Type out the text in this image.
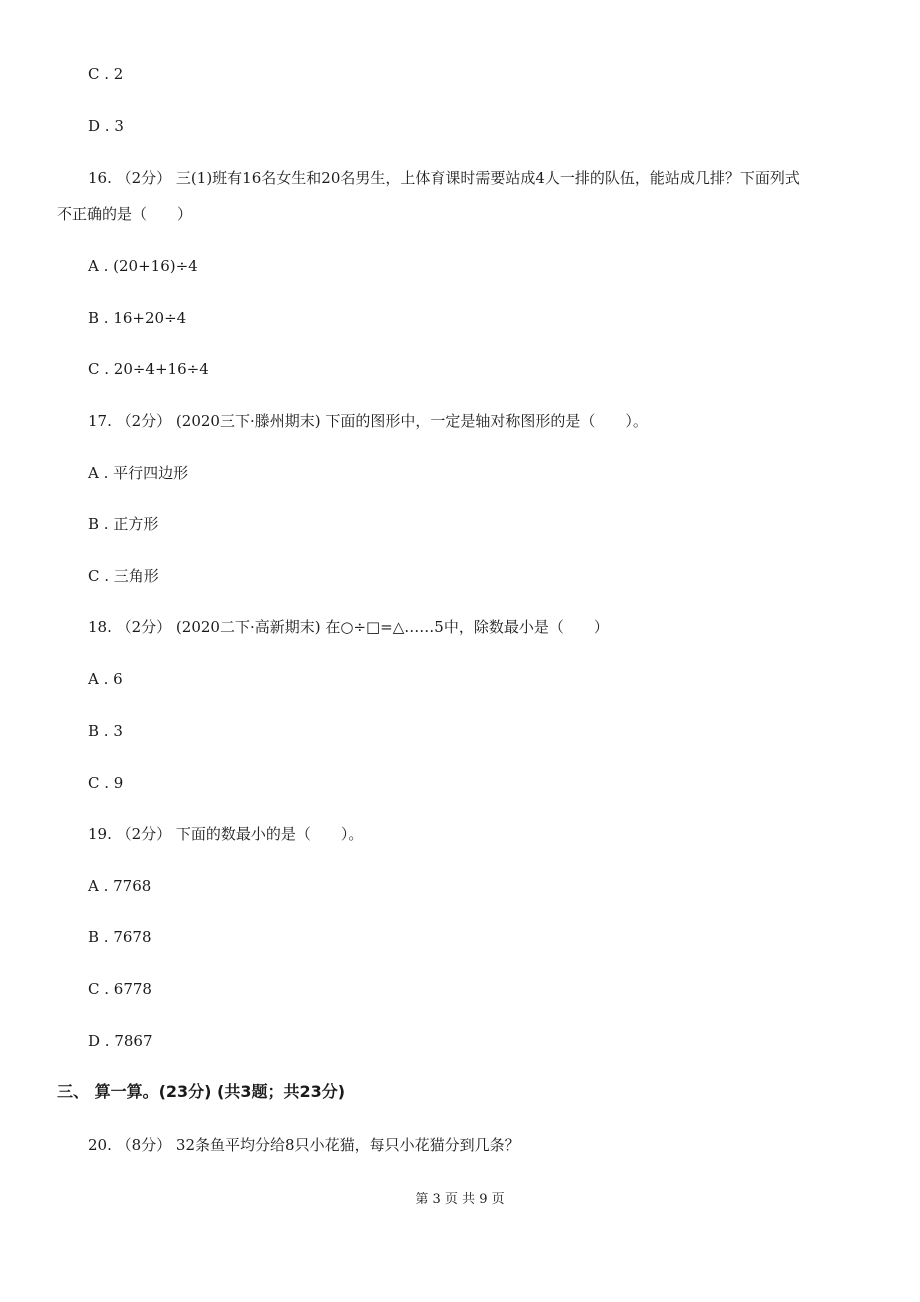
C . 2
D . 3
16. （2分） 三(1)班有16名女生和20名男生，上体育课时需要站成4人一排的队伍，能站成几排？下面列式
不正确的是（　　）
A . (20+16)÷4
B . 16+20÷4
C . 20÷4+16÷4
17. （2分） (2020三下·滕州期末) 下面的图形中，一定是轴对称图形的是（　　）。
A . 平行四边形
B . 正方形
C . 三角形
18. （2分） (2020二下·高新期末) 在○÷□=△……5中，除数最小是（　　）
A . 6
B . 3
C . 9
19. （2分） 下面的数最小的是（　　）。
A . 7768
B . 7678
C . 6778
D . 7867
三、 算一算。(23分) (共3题；共23分)
20. （8分） 32条鱼平均分给8只小花猫，每只小花猫分到几条？
第 3 页 共 9 页
